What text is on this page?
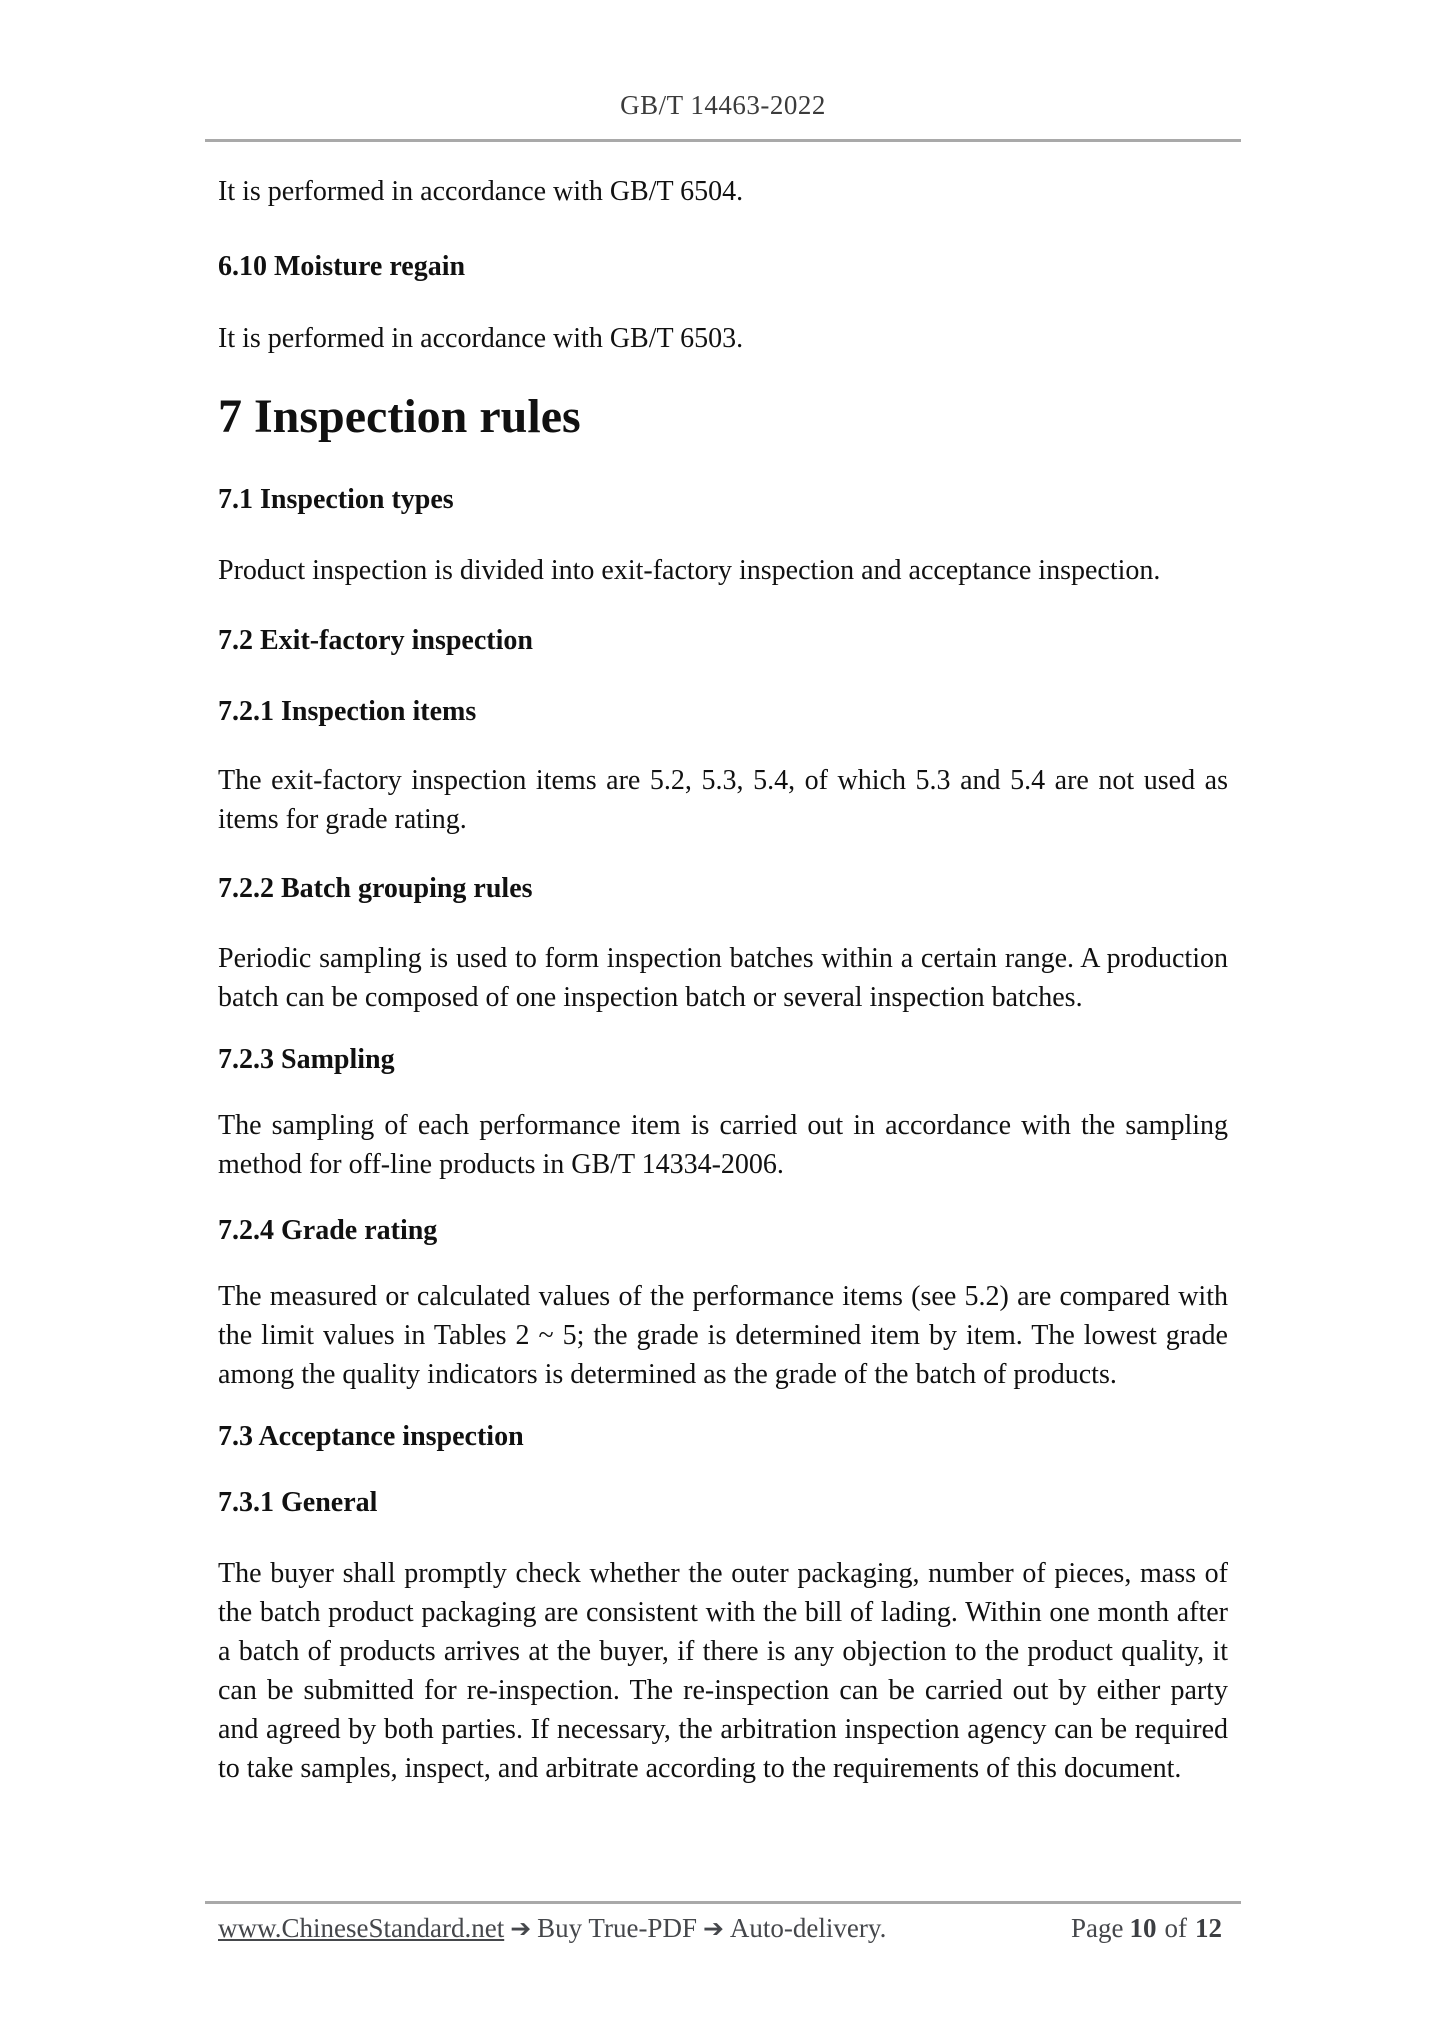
GB/T 14463-2022

It is performed in accordance with GB/T 6504.

6.10 Moisture regain

It is performed in accordance with GB/T 6503.

7 Inspection rules

7.1 Inspection types

Product inspection is divided into exit-factory inspection and acceptance inspection.

7.2 Exit-factory inspection

7.2.1 Inspection items

The exit-factory inspection items are 5.2, 5.3, 5.4, of which 5.3 and 5.4 are not used as items for grade rating.

7.2.2 Batch grouping rules

Periodic sampling is used to form inspection batches within a certain range. A production batch can be composed of one inspection batch or several inspection batches.

7.2.3 Sampling

The sampling of each performance item is carried out in accordance with the sampling method for off-line products in GB/T 14334-2006.

7.2.4 Grade rating

The measured or calculated values of the performance items (see 5.2) are compared with the limit values in Tables 2 ~ 5; the grade is determined item by item. The lowest grade among the quality indicators is determined as the grade of the batch of products.

7.3 Acceptance inspection

7.3.1 General

The buyer shall promptly check whether the outer packaging, number of pieces, mass of the batch product packaging are consistent with the bill of lading. Within one month after a batch of products arrives at the buyer, if there is any objection to the product quality, it can be submitted for re-inspection. The re-inspection can be carried out by either party and agreed by both parties. If necessary, the arbitration inspection agency can be required to take samples, inspect, and arbitrate according to the requirements of this document.

www.ChineseStandard.net ➔ Buy True-PDF ➔ Auto-delivery.	Page 10 of 12
